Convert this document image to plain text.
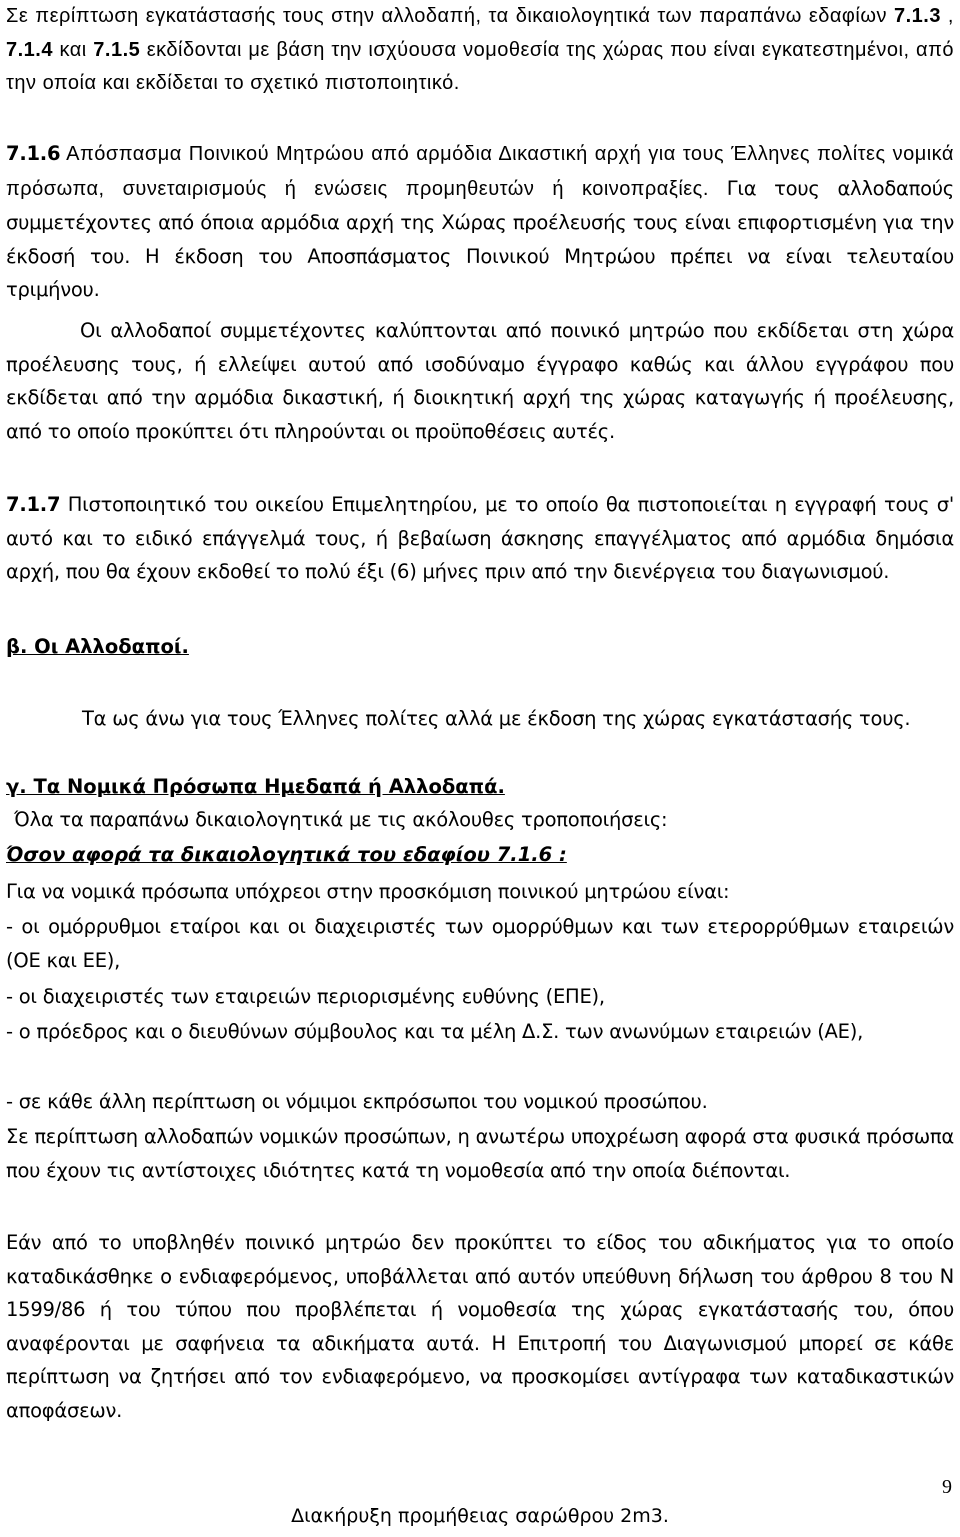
Σε περίπτωση εγκατάστασής τους στην αλλοδαπή, τα δικαιολογητικά των παραπάνω εδαφίων 7.1.3 , 7.1.4 και 7.1.5 εκδίδονται με βάση την ισχύουσα νομοθεσία της χώρας που είναι εγκατεστημένοι, από την οποία και εκδίδεται το σχετικό πιστοποιητικό.

7.1.6 Απόσπασμα Ποινικού Μητρώου από αρμόδια Δικαστική αρχή για τους Έλληνες πολίτες νομικά πρόσωπα, συνεταιρισμούς ή ενώσεις προμηθευτών ή κοινοπραξίες. Για τους αλλοδαπούς συμμετέχοντες από όποια αρμόδια αρχή της Χώρας προέλευσής τους είναι επιφορτισμένη για την έκδοσή του. Η έκδοση του Αποσπάσματος Ποινικού Μητρώου πρέπει να είναι τελευταίου τριμήνου.

Οι αλλοδαποί συμμετέχοντες καλύπτονται από ποινικό μητρώο που εκδίδεται στη χώρα προέλευσης τους, ή ελλείψει αυτού από ισοδύναμο έγγραφο καθώς και άλλου εγγράφου που εκδίδεται από την αρμόδια δικαστική, ή διοικητική αρχή της χώρας καταγωγής ή προέλευσης, από το οποίο προκύπτει ότι πληρούνται οι προϋποθέσεις αυτές.

7.1.7 Πιστοποιητικό του οικείου Επιμελητηρίου, με το οποίο θα πιστοποιείται η εγγραφή τους σ' αυτό και το ειδικό επάγγελμά τους, ή βεβαίωση άσκησης επαγγέλματος από αρμόδια δημόσια αρχή, που θα έχουν εκδοθεί το πολύ έξι (6) μήνες πριν από την διενέργεια του διαγωνισμού.

β. Οι Αλλοδαποί.

Τα ως άνω για τους Έλληνες πολίτες αλλά με έκδοση της χώρας εγκατάστασής τους.

γ. Τα Νομικά Πρόσωπα Ημεδαπά ή Αλλοδαπά.

Όλα τα παραπάνω δικαιολογητικά με τις ακόλουθες τροποποιήσεις:

Όσον αφορά τα δικαιολογητικά του εδαφίου 7.1.6 :

Για να νομικά πρόσωπα υπόχρεοι στην προσκόμιση ποινικού μητρώου είναι:

- οι ομόρρυθμοι εταίροι και οι διαχειριστές των ομορρύθμων και των ετερορρύθμων εταιρειών (ΟΕ και ΕΕ),

- οι διαχειριστές των εταιρειών περιορισμένης ευθύνης (ΕΠΕ),

- ο πρόεδρος και ο διευθύνων σύμβουλος και τα μέλη Δ.Σ. των ανωνύμων εταιρειών (ΑΕ),

- σε κάθε άλλη περίπτωση οι νόμιμοι εκπρόσωποι του νομικού προσώπου.

Σε περίπτωση αλλοδαπών νομικών προσώπων, η ανωτέρω υποχρέωση αφορά στα φυσικά πρόσωπα που έχουν τις αντίστοιχες ιδιότητες κατά τη νομοθεσία από την οποία διέπονται.

Εάν από το υποβληθέν ποινικό μητρώο δεν προκύπτει το είδος του αδικήματος για το οποίο καταδικάσθηκε ο ενδιαφερόμενος, υποβάλλεται από αυτόν υπεύθυνη δήλωση του άρθρου 8 του Ν 1599/86 ή του τύπου που προβλέπεται ή νομοθεσία της χώρας εγκατάστασής του, όπου αναφέρονται με σαφήνεια τα αδικήματα αυτά. Η Επιτροπή του Διαγωνισμού μπορεί σε κάθε περίπτωση να ζητήσει από τον ενδιαφερόμενο, να προσκομίσει αντίγραφα των καταδικαστικών αποφάσεων.

9
Διακήρυξη προμήθειας σαρώθρου 2m3.
